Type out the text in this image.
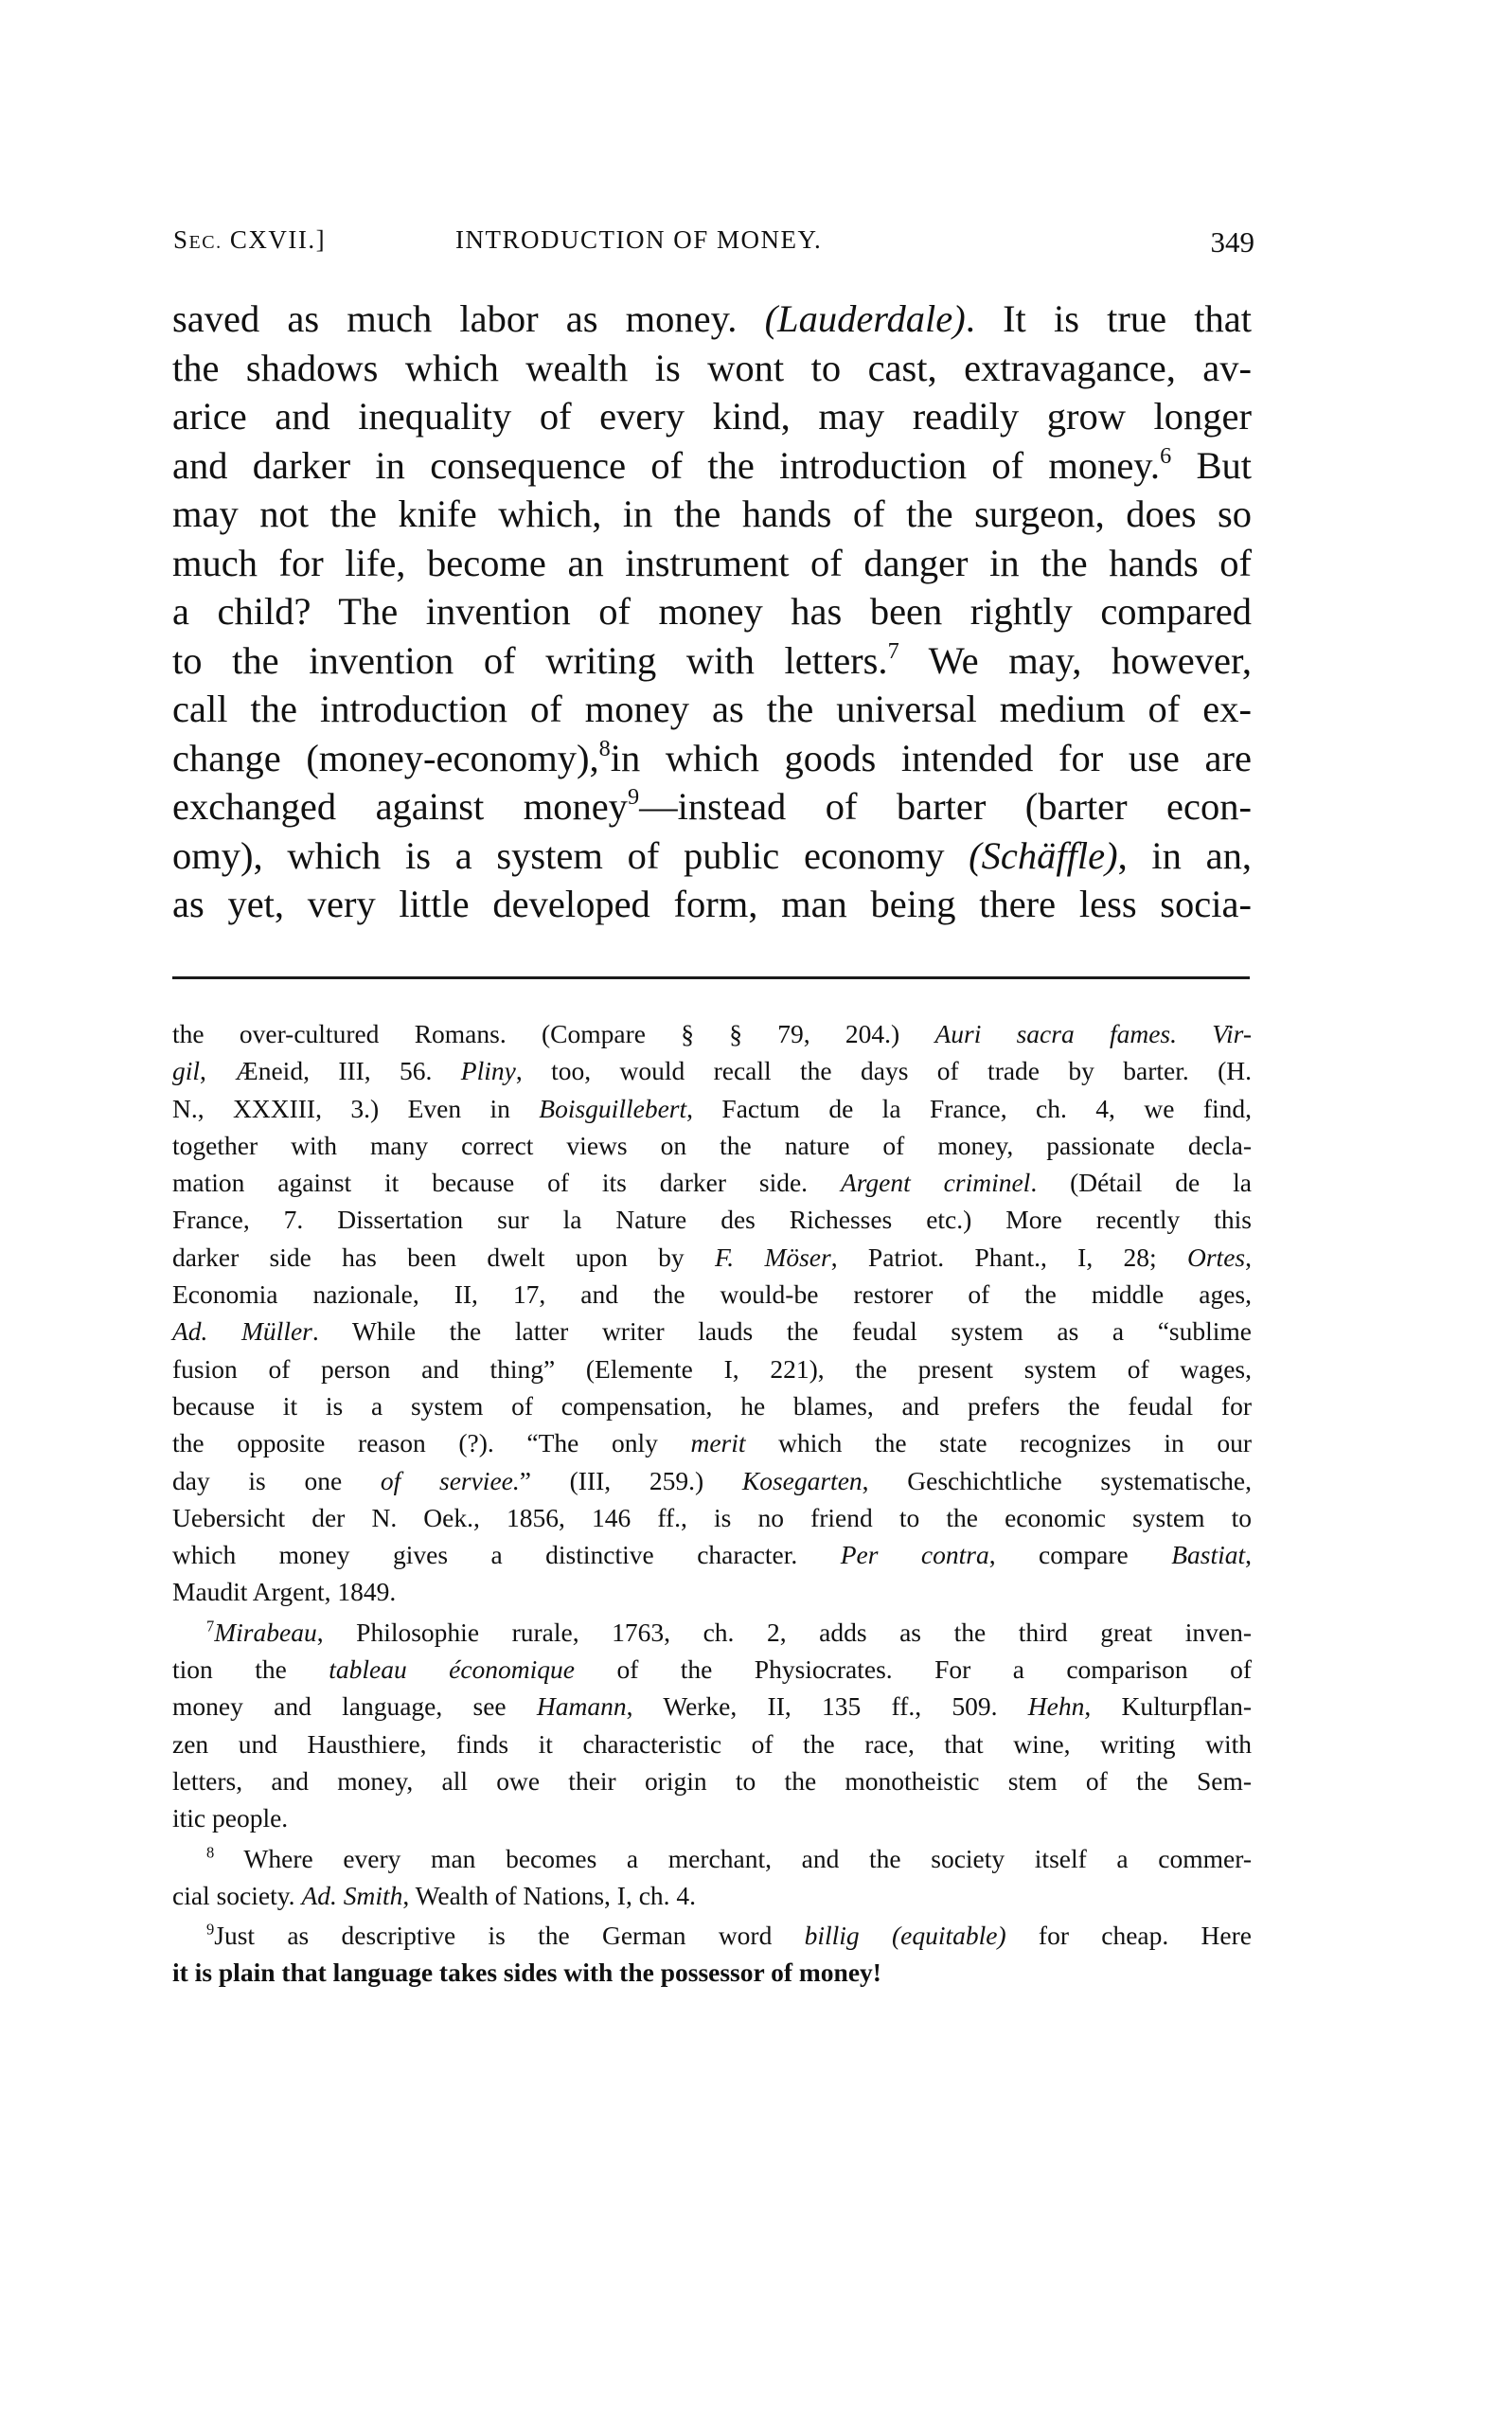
SEC. CXVII.]	INTRODUCTION OF MONEY.	349
saved as much labor as money. (Lauderdale). It is true that
the shadows which wealth is wont to cast, extravagance, av-
arice and inequality of every kind, may readily grow longer
and darker in consequence of the introduction of money.$^6$ But
may not the knife which, in the hands of the surgeon, does so
much for life, become an instrument of danger in the hands of
a child? The invention of money has been rightly compared
to the invention of writing with letters.$^7$ We may, however,
call the introduction of money as the universal medium of ex-
change (money-economy),$^8$in which goods intended for use are
exchanged against money$^9$—instead of barter (barter econ-
omy), which is a system of public economy (Schäffle), in an,
as yet, very little developed form, man being there less socia-
the over-cultured Romans. (Compare § § 79, 204.) Auri sacra fames. Vir-
gil, Æneid, III, 56. Pliny, too, would recall the days of trade by barter. (H.
N., XXXIII, 3.) Even in Boisguillebert, Factum de la France, ch. 4, we find,
together with many correct views on the nature of money, passionate decla-
mation against it because of its darker side. Argent criminel. (Détail de la
France, 7. Dissertation sur la Nature des Richesses etc.) More recently this
darker side has been dwelt upon by F. Möser, Patriot. Phant., I, 28; Ortes,
Economia nazionale, II, 17, and the would-be restorer of the middle ages,
Ad. Müller. While the latter writer lauds the feudal system as a “sublime
fusion of person and thing” (Elemente I, 221), the present system of wages,
because it is a system of compensation, he blames, and prefers the feudal for
the opposite reason (?). “The only merit which the state recognizes in our
day is one of serviee.” (III, 259.) Kosegarten, Geschichtliche systematische,
Uebersicht der N. Oek., 1856, 146 ff., is no friend to the economic system to
which money gives a distinctive character. Per contra, compare Bastiat,
Maudit Argent, 1849.
$^7$Mirabeau, Philosophie rurale, 1763, ch. 2, adds as the third great inven-
tion the tableau économique of the Physiocrates. For a comparison of
money and language, see Hamann, Werke, II, 135 ff., 509. Hehn, Kulturpflan-
zen und Hausthiere, finds it characteristic of the race, that wine, writing with
letters, and money, all owe their origin to the monotheistic stem of the Sem-
itic people.
$^8$ Where every man becomes a merchant, and the society itself a commer-
cial society. Ad. Smith, Wealth of Nations, I, ch. 4.
$^9$Just as descriptive is the German word billig (equitable) for cheap. Here
it is plain that language takes sides with the possessor of money!
